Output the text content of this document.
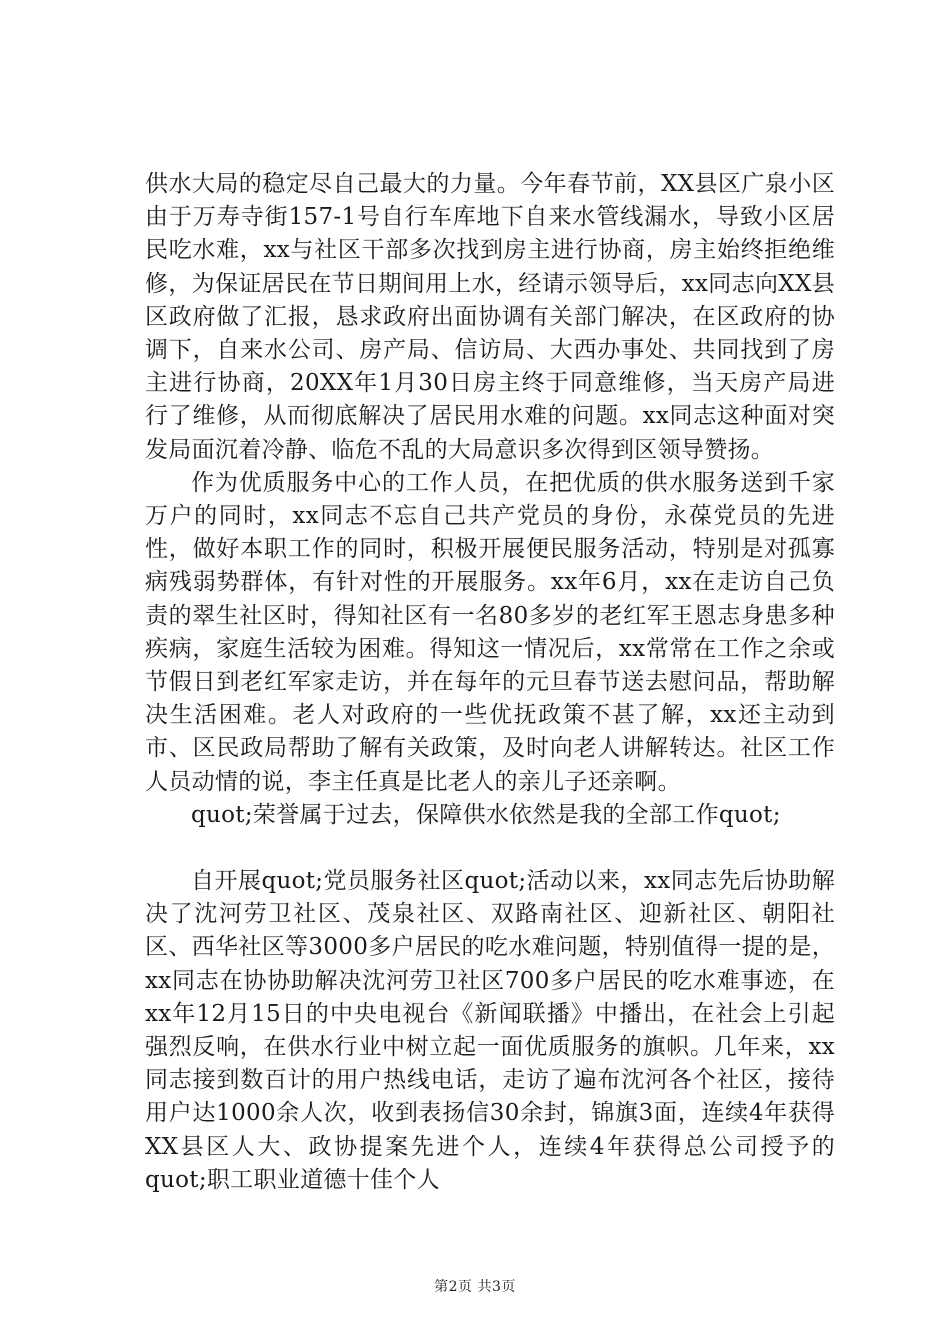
供水大局的稳定尽自己最大的力量。今年春节前，XX县区广泉小区由于万寿寺街157-1号自行车库地下自来水管线漏水，导致小区居民吃水难，xx与社区干部多次找到房主进行协商，房主始终拒绝维修，为保证居民在节日期间用上水，经请示领导后，xx同志向XX县区政府做了汇报，恳求政府出面协调有关部门解决，在区政府的协调下，自来水公司、房产局、信访局、大西办事处、共同找到了房主进行协商，20XX年1月30日房主终于同意维修，当天房产局进行了维修，从而彻底解决了居民用水难的问题。xx同志这种面对突发局面沉着冷静、临危不乱的大局意识多次得到区领导赞扬。

作为优质服务中心的工作人员，在把优质的供水服务送到千家万户的同时，xx同志不忘自己共产党员的身份，永葆党员的先进性，做好本职工作的同时，积极开展便民服务活动，特别是对孤寡病残弱势群体，有针对性的开展服务。xx年6月，xx在走访自己负责的翠生社区时，得知社区有一名80多岁的老红军王恩志身患多种疾病，家庭生活较为困难。得知这一情况后，xx常常在工作之余或节假日到老红军家走访，并在每年的元旦春节送去慰问品，帮助解决生活困难。老人对政府的一些优抚政策不甚了解，xx还主动到市、区民政局帮助了解有关政策，及时向老人讲解转达。社区工作人员动情的说，李主任真是比老人的亲儿子还亲啊。

quot;荣誉属于过去，保障供水依然是我的全部工作quot;

自开展quot;党员服务社区quot;活动以来，xx同志先后协助解决了沈河劳卫社区、茂泉社区、双路南社区、迎新社区、朝阳社区、西华社区等3000多户居民的吃水难问题，特别值得一提的是，xx同志在协协助解决沈河劳卫社区700多户居民的吃水难事迹，在xx年12月15日的中央电视台《新闻联播》中播出，在社会上引起强烈反响，在供水行业中树立起一面优质服务的旗帜。几年来，xx同志接到数百计的用户热线电话，走访了遍布沈河各个社区，接待用户达1000余人次，收到表扬信30余封，锦旗3面，连续4年获得XX县区人大、政协提案先进个人，连续4年获得总公司授予的quot;职工职业道德十佳个人

第2页 共3页
